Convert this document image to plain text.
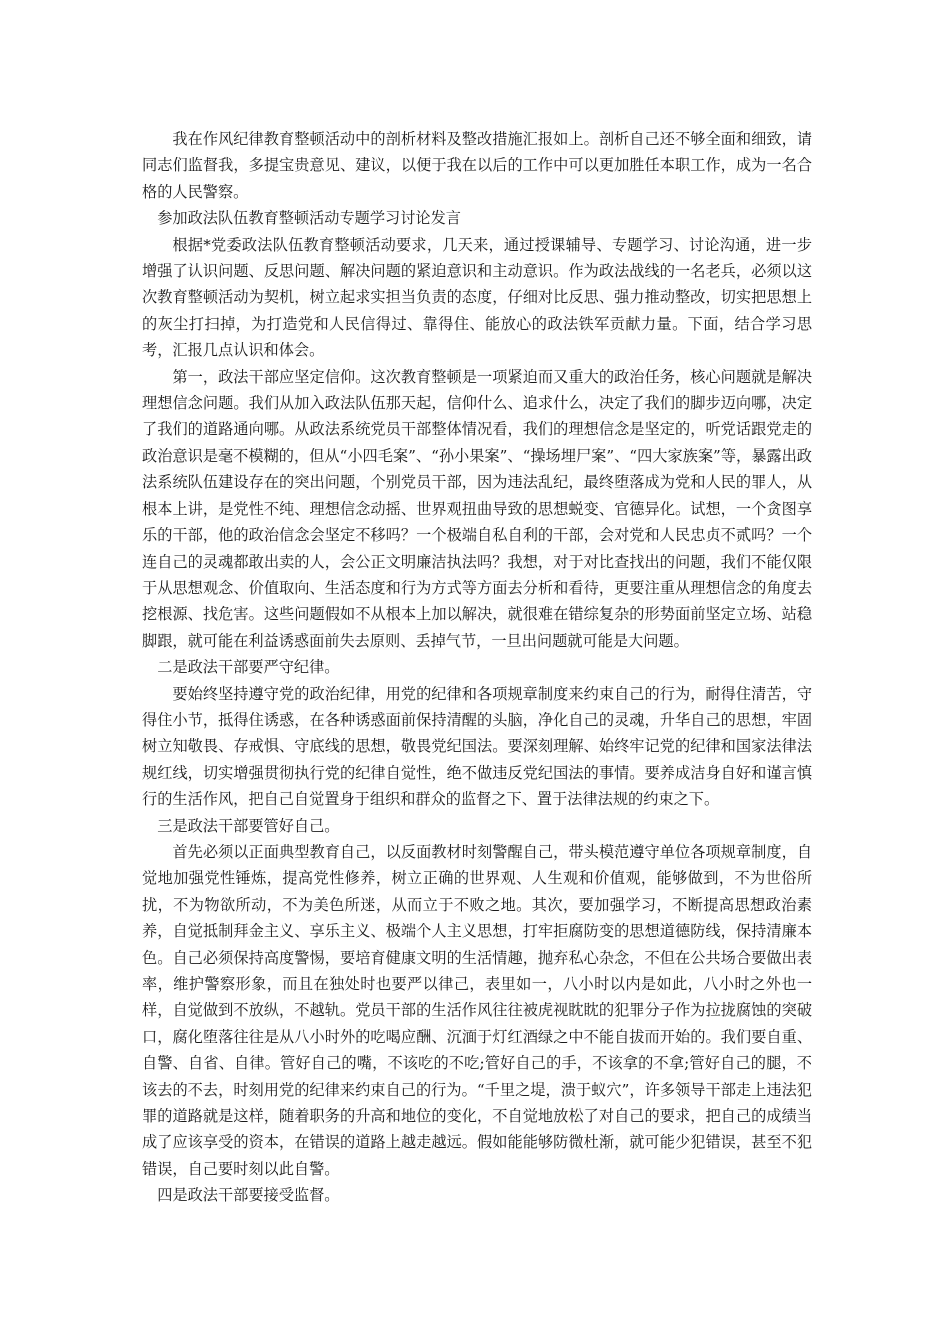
我在作风纪律教育整顿活动中的剖析材料及整改措施汇报如上。剖析自己还不够全面和细致，请同志们监督我，多提宝贵意见、建议，以便于我在以后的工作中可以更加胜任本职工作，成为一名合格的人民警察。

参加政法队伍教育整顿活动专题学习讨论发言

根据*党委政法队伍教育整顿活动要求，几天来，通过授课辅导、专题学习、讨论沟通，进一步增强了认识问题、反思问题、解决问题的紧迫意识和主动意识。作为政法战线的一名老兵，必须以这次教育整顿活动为契机，树立起求实担当负责的态度，仔细对比反思、强力推动整改，切实把思想上的灰尘打扫掉，为打造党和人民信得过、靠得住、能放心的政法铁军贡献力量。下面，结合学习思考，汇报几点认识和体会。

第一，政法干部应坚定信仰。这次教育整顿是一项紧迫而又重大的政治任务，核心问题就是解决理想信念问题。我们从加入政法队伍那天起，信仰什么、追求什么，决定了我们的脚步迈向哪，决定了我们的道路通向哪。从政法系统党员干部整体情况看，我们的理想信念是坚定的，听党话跟党走的政治意识是毫不模糊的，但从“小四毛案”、“孙小果案”、“操场埋尸案”、“四大家族案”等，暴露出政法系统队伍建设存在的突出问题，个别党员干部，因为违法乱纪，最终堕落成为党和人民的罪人，从根本上讲，是党性不纯、理想信念动摇、世界观扭曲导致的思想蜕变、官德异化。试想，一个贪图享乐的干部，他的政治信念会坚定不移吗？一个极端自私自利的干部，会对党和人民忠贞不贰吗？一个连自己的灵魂都敢出卖的人，会公正文明廉洁执法吗？我想，对于对比查找出的问题，我们不能仅限于从思想观念、价值取向、生活态度和行为方式等方面去分析和看待，更要注重从理想信念的角度去挖根源、找危害。这些问题假如不从根本上加以解决，就很难在错综复杂的形势面前坚定立场、站稳脚跟，就可能在利益诱惑面前失去原则、丢掉气节，一旦出问题就可能是大问题。

二是政法干部要严守纪律。

要始终坚持遵守党的政治纪律，用党的纪律和各项规章制度来约束自己的行为，耐得住清苦，守得住小节，抵得住诱惑，在各种诱惑面前保持清醒的头脑，净化自己的灵魂，升华自己的思想，牢固树立知敬畏、存戒惧、守底线的思想，敬畏党纪国法。要深刻理解、始终牢记党的纪律和国家法律法规红线，切实增强贯彻执行党的纪律自觉性，绝不做违反党纪国法的事情。要养成洁身自好和谨言慎行的生活作风，把自己自觉置身于组织和群众的监督之下、置于法律法规的约束之下。

三是政法干部要管好自己。

首先必须以正面典型教育自己，以反面教材时刻警醒自己，带头模范遵守单位各项规章制度，自觉地加强党性锤炼，提高党性修养，树立正确的世界观、人生观和价值观，能够做到，不为世俗所扰，不为物欲所动，不为美色所迷，从而立于不败之地。其次，要加强学习，不断提高思想政治素养，自觉抵制拜金主义、享乐主义、极端个人主义思想，打牢拒腐防变的思想道德防线，保持清廉本色。自己必须保持高度警惕，要培育健康文明的生活情趣，抛弃私心杂念，不但在公共场合要做出表率，维护警察形象，而且在独处时也要严以律己，表里如一，八小时以内是如此，八小时之外也一样，自觉做到不放纵，不越轨。党员干部的生活作风往往被虎视眈眈的犯罪分子作为拉拢腐蚀的突破口，腐化堕落往往是从八小时外的吃喝应酬、沉湎于灯红酒绿之中不能自拔而开始的。我们要自重、自警、自省、自律。管好自己的嘴，不该吃的不吃;管好自己的手，不该拿的不拿;管好自己的腿，不该去的不去，时刻用党的纪律来约束自己的行为。“千里之堤，溃于蚁穴”，许多领导干部走上违法犯罪的道路就是这样，随着职务的升高和地位的变化，不自觉地放松了对自己的要求，把自己的成绩当成了应该享受的资本，在错误的道路上越走越远。假如能能够防微杜渐，就可能少犯错误，甚至不犯错误，自己要时刻以此自警。

四是政法干部要接受监督。
